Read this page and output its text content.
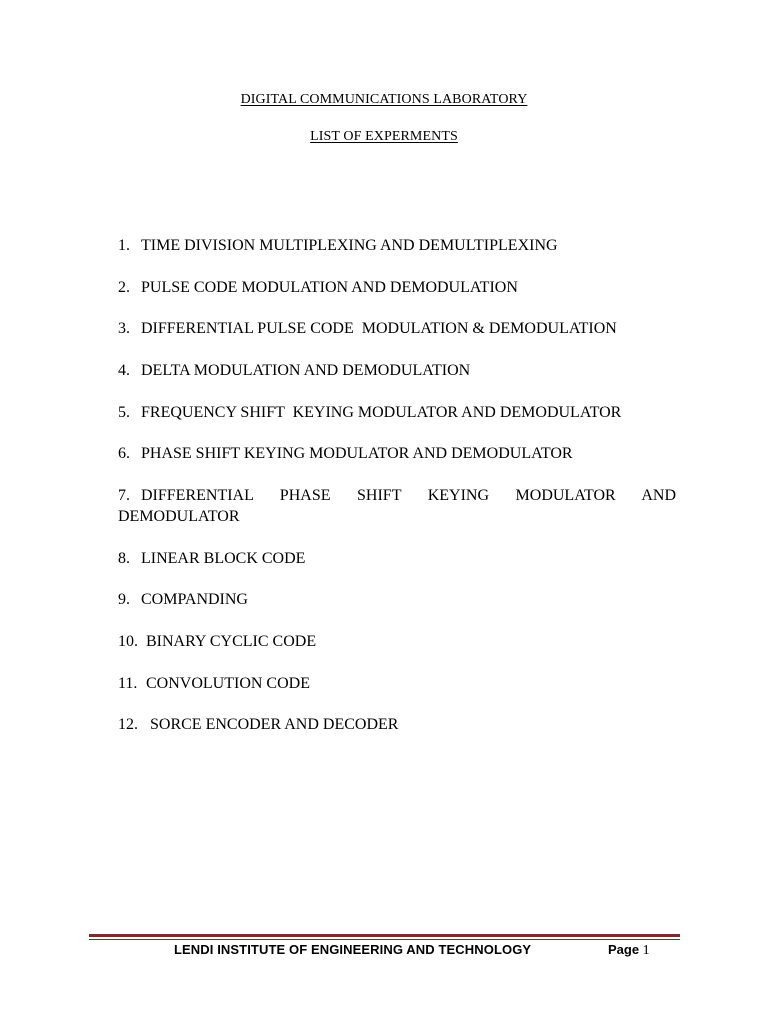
DIGITAL COMMUNICATIONS LABORATORY
LIST OF EXPERMENTS
1. TIME DIVISION MULTIPLEXING AND DEMULTIPLEXING
2. PULSE CODE MODULATION AND DEMODULATION
3. DIFFERENTIAL PULSE CODE  MODULATION & DEMODULATION
4. DELTA MODULATION AND DEMODULATION
5. FREQUENCY SHIFT  KEYING MODULATOR AND DEMODULATOR
6. PHASE SHIFT KEYING MODULATOR AND DEMODULATOR
7. DIFFERENTIAL PHASE SHIFT KEYING MODULATOR AND
DEMODULATOR
8. LINEAR BLOCK CODE
9. COMPANDING
10. BINARY CYCLIC CODE
11. CONVOLUTION CODE
12. SORCE ENCODER AND DECODER
LENDI INSTITUTE OF ENGINEERING AND TECHNOLOGY	Page 1
